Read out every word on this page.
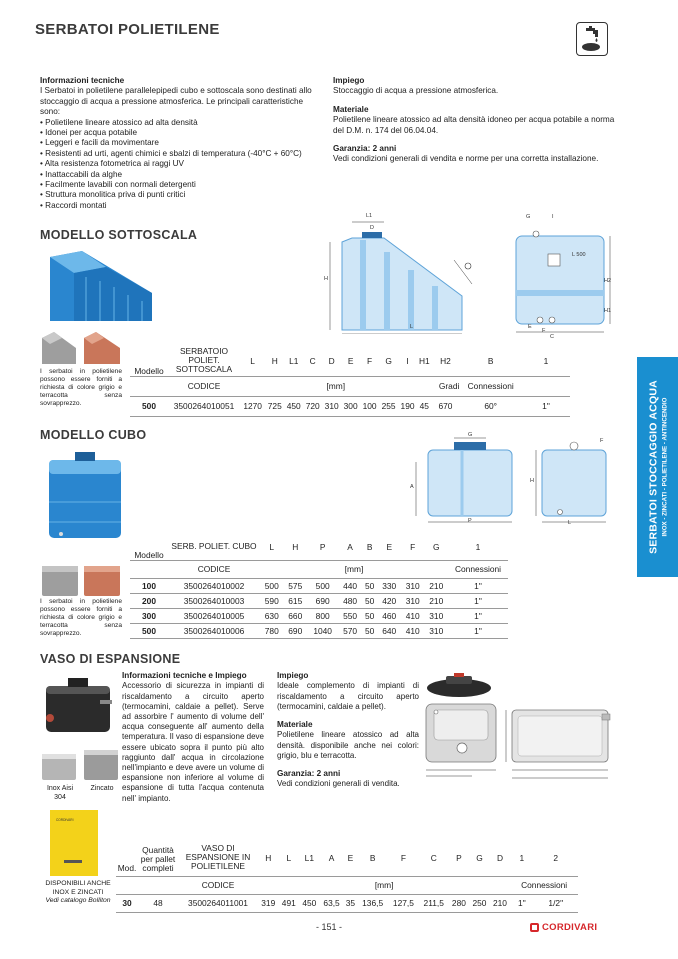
SERBATOI POLIETILENE
Informazioni tecniche
I Serbatoi in polietilene parallelepipedi cubo e sottoscala sono destinati allo stoccaggio di acqua a pressione atmosferica. Le principali caratteristiche sono:
• Polietilene lineare atossico ad alta densità
• Idonei per acqua potabile
• Leggeri e facili da movimentare
• Resistenti ad urti, agenti chimici e sbalzi di temperatura (-40°C + 60°C)
• Alta resistenza fotometrica ai raggi UV
• Inattaccabili da alghe
• Facilmente lavabili con normali detergenti
• Struttura monolitica priva di punti critici
• Raccordi montati
Impiego
Stoccaggio di acqua a pressione atmosferica.
Materiale
Polietilene lineare atossico ad alta densità idoneo per acqua potabile a norma del D.M. n. 174 del 06.04.04.
Garanzia: 2 anni
Vedi condizioni generali di vendita e norme per una corretta installazione.
MODELLO SOTTOSCALA
I serbatoi in polietilene possono essere forniti a richiesta di colore grigio e terracotta senza sovrapprezzo.
L1
D
H
L
G	I
L 500
H2
H1
E
F
C
Modello	SERBATOIO POLIET. SOTTOSCALA	L	H	L1	C	D	E	F	G	I	H1	H2	B	1
	CODICE	[mm]										Gradi	Connessioni	
500	3500264010051	1270	725	450	720	310	300	100	255	190	45	670	60°	1"
MODELLO CUBO
I serbatoi in polietilene possono essere forniti a richiesta di colore grigio e terracotta senza sovrapprezzo.
G
A
P
F
H
L
Modello	SERB. POLIET. CUBO	L	H	P	A	B	E	F	G	1
	CODICE	[mm]								Connessioni
100	3500264010002	500	575	500	440	50	330	310	210	1"
200	3500264010003	590	615	690	480	50	420	310	210	1"
300	3500264010005	630	660	800	550	50	460	410	310	1"
500	3500264010006	780	690	1040	570	50	640	410	310	1"
SERBATOI STOCCAGGIO ACQUA INOX - ZINCATI - POLIETILENE - ANTINCENDIO
VASO DI ESPANSIONE
Inox Aisi 304
Zincato
CORDIVARI
DISPONIBILI ANCHE INOX E ZINCATI
Vedi catalogo Bolliton
Informazioni tecniche e Impiego
Accessorio di sicurezza in impianti di riscaldamento a circuito aperto (termocamini, caldaie a pellet). Serve ad assorbire l' aumento di volume dell' acqua conseguente all' aumento della temperatura. Il vaso di espansione deve essere ubicato sopra il punto più alto raggiunto dall' acqua in circolazione nell'impianto e deve avere un volume di espansione non inferiore al volume di espansione di tutta l'acqua contenuta nell' impianto.
Impiego
Ideale complemento di impianti di riscaldamento a circuito aperto (termocamini, caldaie a pellet).
Materiale
Polietilene lineare atossico ad alta densità. disponibile anche nei colori: grigio, blu e terracotta.
Garanzia: 2 anni
Vedi condizioni generali di vendita.
Mod.	Quantità per pallet completi	VASO DI ESPANSIONE IN POLIETILENE	H	L	L1	A	E	B	F	C	P	G	D	1	2
		CODICE	[mm]											Connessioni	
30	48	3500264011001	319	491	450	63,5	35	136,5	127,5	211,5	280	250	210	1"	1/2"
- 151 -	CORDIVARI
